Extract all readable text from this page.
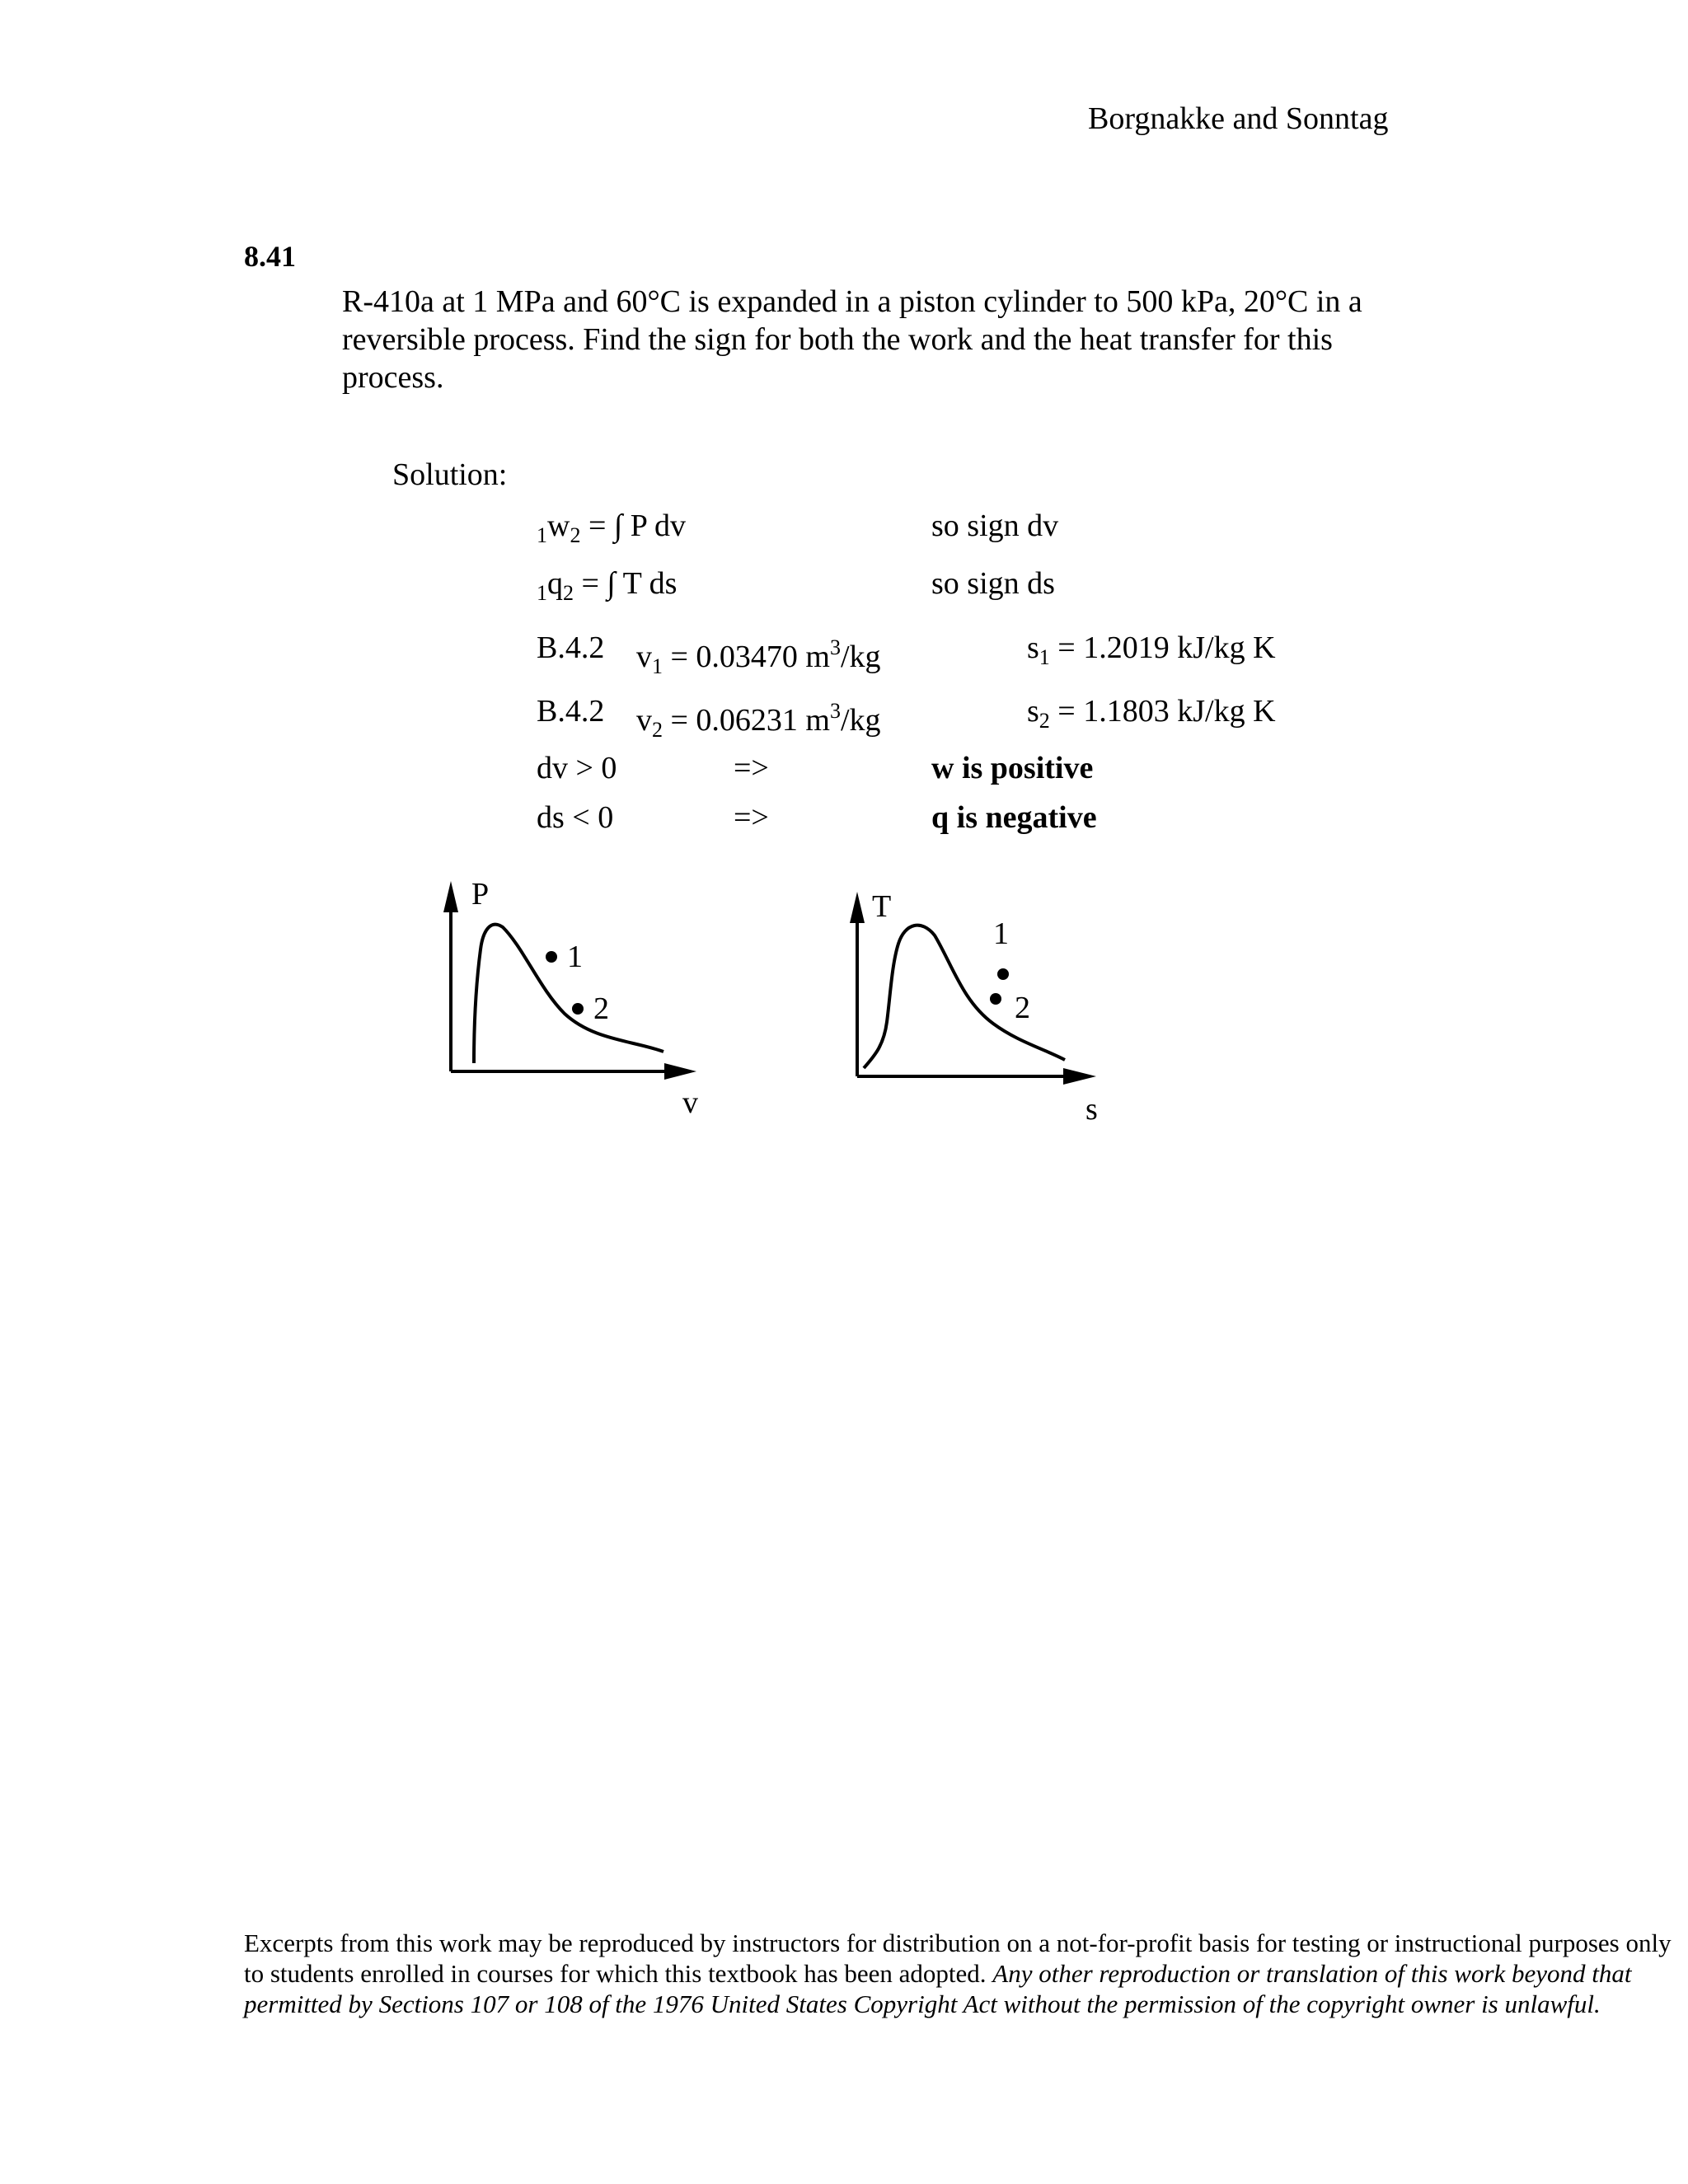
Borgnakke and Sonntag
8.41
R-410a at 1 MPa and 60°C is expanded in a piston cylinder to 500 kPa, 20°C in a
reversible process. Find the sign for both the work and the heat transfer for this
process.
Solution:
$_1w_2$ = ∫ P dv	so sign dv
$_1q_2$ = ∫ T ds	so sign ds
B.4.2 $v_1 = 0.03470$ $m^3/kg$	$s_1 = 1.2019$ kJ/kg K
B.4.2 $v_2 = 0.06231$ $m^3/kg$	$s_2 = 1.1803$ kJ/kg K
dv > 0	=>	w is positive
ds < 0	=>	q is negative
P
1
2
v
T
1
2
s
Excerpts from this work may be reproduced by instructors for distribution on a not-for-profit basis for testing or instructional purposes only to students enrolled in courses for which this textbook has been adopted. Any other reproduction or translation of this work beyond that permitted by Sections 107 or 108 of the 1976 United States Copyright Act without the permission of the copyright owner is unlawful.
